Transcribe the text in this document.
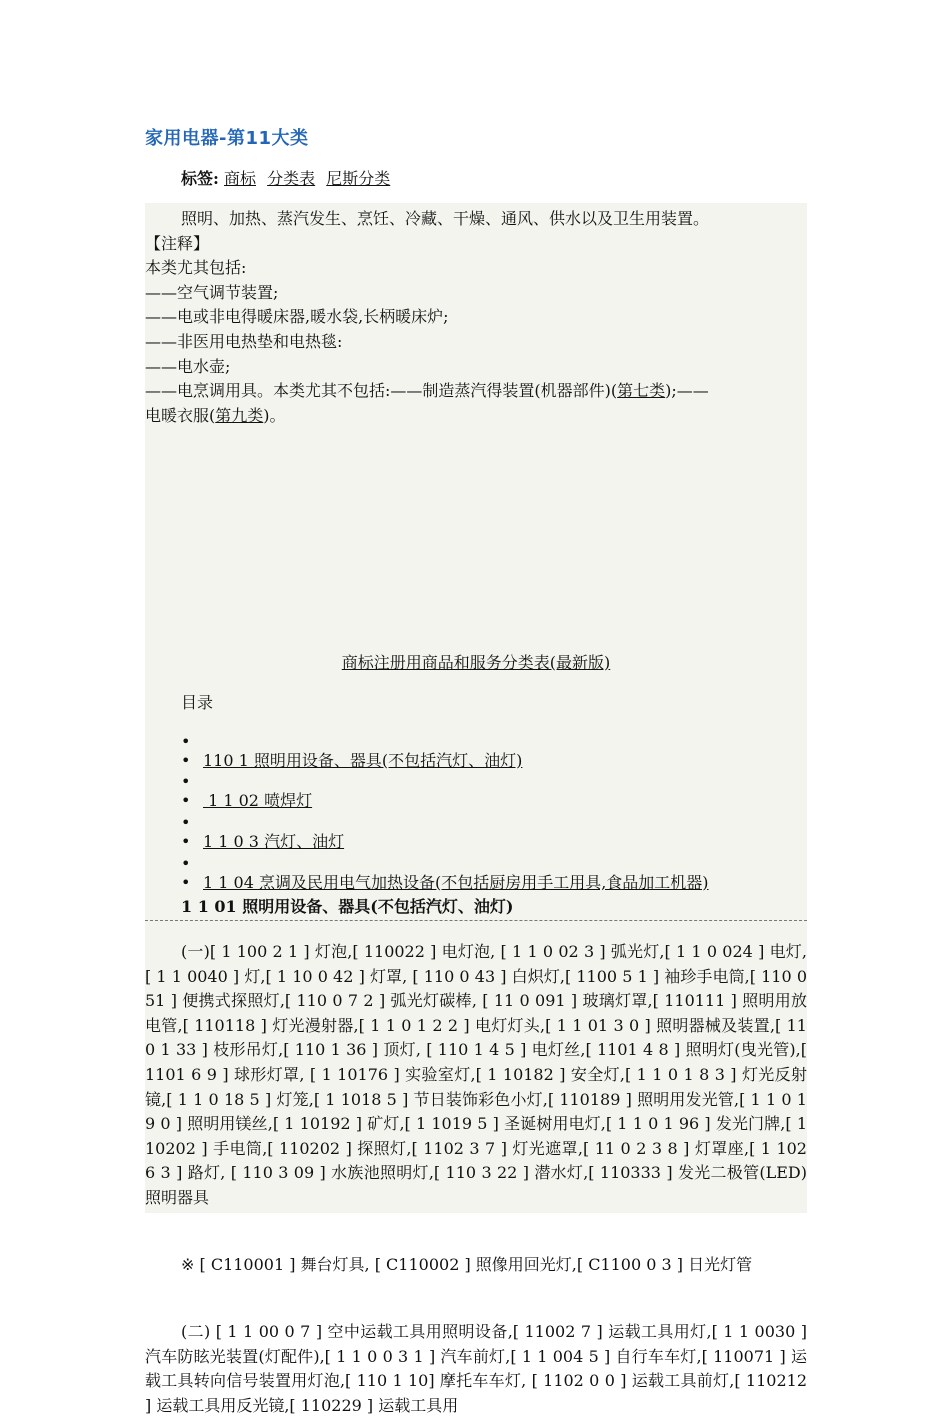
家用电器-第11大类
标签: 商标 分类表 尼斯分类
照明、加热、蒸汽发生、烹饪、冷藏、干燥、通风、供水以及卫生用装置。
【注释】
本类尤其包括:
——空气调节装置;
——电或非电得暖床器,暖水袋,长柄暖床炉;
——非医用电热垫和电热毯:
——电水壶;
——电烹调用具。本类尤其不包括:——制造蒸汽得装置(机器部件)(第七类);——
电暖衣服(第九类)。
商标注册用商品和服务分类表(最新版)
目录
• • 110 1 照明用设备、器具(不包括汽灯、油灯)
• • 1 1 02 喷焊灯
• • 1 1 0 3 汽灯、油灯
• • 1 1 04 烹调及民用电气加热设备(不包括厨房用手工用具,食品加工机器)
1 1 01 照明用设备、器具(不包括汽灯、油灯)
(一)[ 1 100 2 1 ] 灯泡,[ 110022 ] 电灯泡, [ 1 1 0 02 3 ] 弧光灯,[ 1 1 0 024 ] 电灯,[ 1 1 0040 ] 灯,[ 1 10 0 42 ] 灯罩, [ 110 0 43 ] 白炽灯,[ 1100 5 1 ] 袖珍手电筒,[ 110 0 51 ] 便携式探照灯,[ 110 0 7 2 ] 弧光灯碳棒, [ 11 0 091 ] 玻璃灯罩,[ 110111 ] 照明用放电管,[ 110118 ] 灯光漫射器,[ 1 1 0 1 2 2 ] 电灯灯头,[ 1 1 01 3 0 ] 照明器械及装置,[ 110 1 33 ] 枝形吊灯,[ 110 1 36 ] 顶灯, [ 110 1 4 5 ] 电灯丝,[ 1101 4 8 ] 照明灯(曳光管),[ 1101 6 9 ] 球形灯罩, [ 1 10176 ] 实验室灯,[ 1 10182 ] 安全灯,[ 1 1 0 1 8 3 ] 灯光反射镜,[ 1 1 0 18 5 ] 灯笼,[ 1 1018 5 ] 节日装饰彩色小灯,[ 110189 ] 照明用发光管,[ 1 1 0 1 9 0 ] 照明用镁丝,[ 1 10192 ] 矿灯,[ 1 1019 5 ] 圣诞树用电灯,[ 1 1 0 1 96 ] 发光门牌,[ 1 10202 ] 手电筒,[ 110202 ] 探照灯,[ 1102 3 7 ] 灯光遮罩,[ 11 0 2 3 8 ] 灯罩座,[ 1 102 6 3 ] 路灯, [ 110 3 09 ] 水族池照明灯,[ 110 3 22 ] 潜水灯,[ 110333 ] 发光二极管(LED)照明器具
※ [ C110001 ] 舞台灯具, [ C110002 ] 照像用回光灯,[ C1100 0 3 ] 日光灯管
(二) [ 1 1 00 0 7 ] 空中运载工具用照明设备,[ 11002 7 ] 运载工具用灯,[ 1 1 0030 ] 汽车防眩光装置(灯配件),[ 1 1 0 0 3 1 ] 汽车前灯,[ 1 1 004 5 ] 自行车车灯,[ 110071 ] 运载工具转向信号装置用灯泡,[ 110 1 10] 摩托车车灯, [ 1102 0 0 ] 运载工具前灯,[ 110212 ] 运载工具用反光镜,[ 110229 ] 运载工具用
